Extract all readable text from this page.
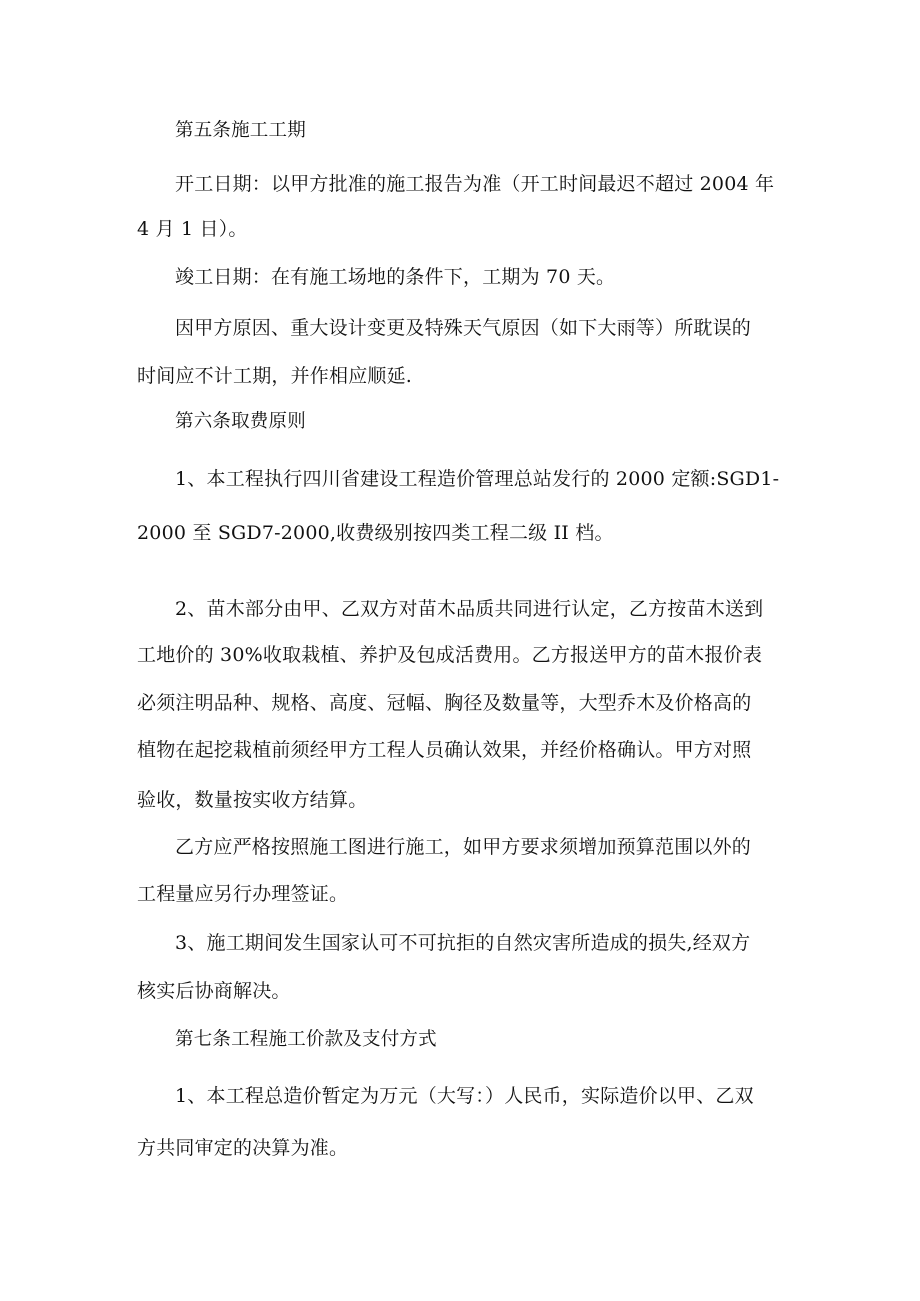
第五条施工工期
开工日期：以甲方批准的施工报告为准（开工时间最迟不超过 2004 年
4 月 1 日）。
竣工日期：在有施工场地的条件下，工期为 70 天。
因甲方原因、重大设计变更及特殊天气原因（如下大雨等）所耽误的
时间应不计工期，并作相应顺延.
第六条取费原则
1、本工程执行四川省建设工程造价管理总站发行的 2000 定额:SGD1-
2000 至 SGD7-2000,收费级别按四类工程二级 II 档。
2、苗木部分由甲、乙双方对苗木品质共同进行认定，乙方按苗木送到
工地价的 30%收取栽植、养护及包成活费用。乙方报送甲方的苗木报价表
必须注明品种、规格、高度、冠幅、胸径及数量等，大型乔木及价格高的
植物在起挖栽植前须经甲方工程人员确认效果，并经价格确认。甲方对照
验收，数量按实收方结算。
乙方应严格按照施工图进行施工，如甲方要求须增加预算范围以外的
工程量应另行办理签证。
3、施工期间发生国家认可不可抗拒的自然灾害所造成的损失,经双方
核实后协商解决。
第七条工程施工价款及支付方式
1、本工程总造价暂定为万元（大写：）人民币，实际造价以甲、乙双
方共同审定的决算为准。
